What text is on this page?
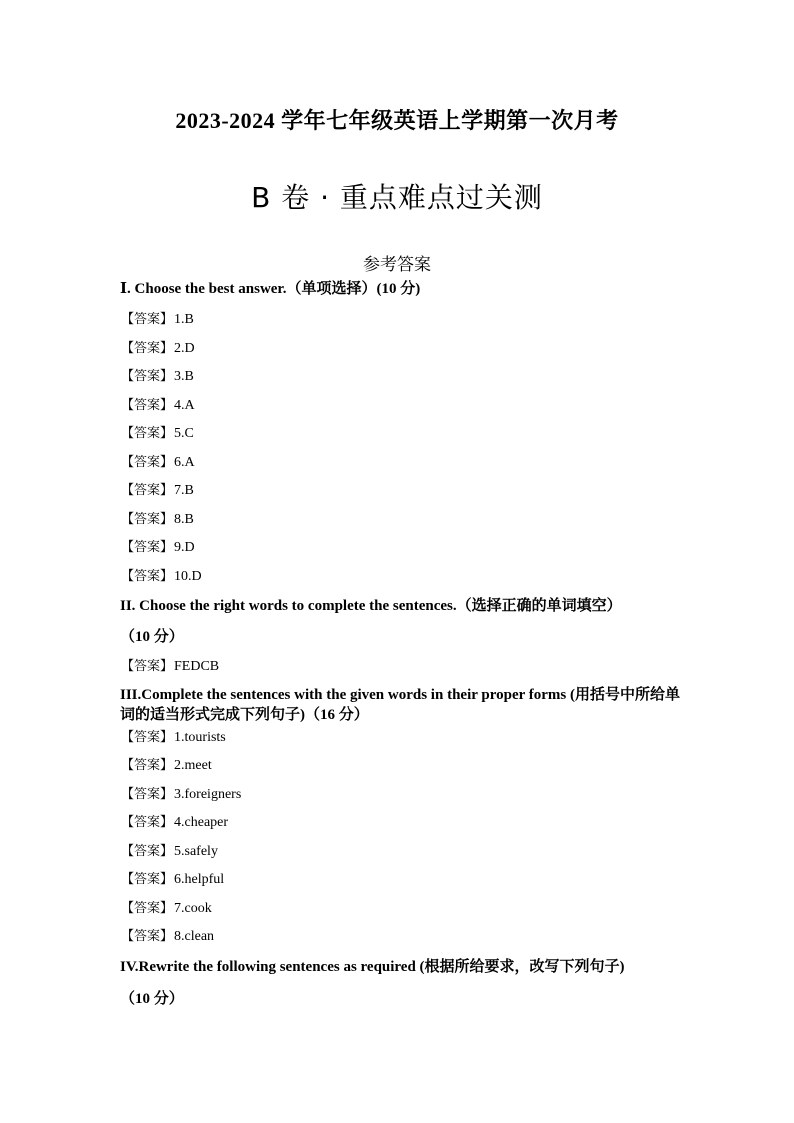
2023-2024 学年七年级英语上学期第一次月考
B 卷 · 重点难点过关测
参考答案
Ⅰ. Choose the best answer.（单项选择）(10 分)
【答案】1.B
【答案】2.D
【答案】3.B
【答案】4.A
【答案】5.C
【答案】6.A
【答案】7.B
【答案】8.B
【答案】9.D
【答案】10.D
II. Choose the right words to complete the sentences.（选择正确的单词填空）
（10 分）
【答案】FEDCB
III.Complete the sentences with the given words in their proper forms (用括号中所给单词的适当形式完成下列句子)（16 分）
【答案】1.tourists
【答案】2.meet
【答案】3.foreigners
【答案】4.cheaper
【答案】5.safely
【答案】6.helpful
【答案】7.cook
【答案】8.clean
IV.Rewrite the following sentences as required (根据所给要求，改写下列句子)
（10 分）
